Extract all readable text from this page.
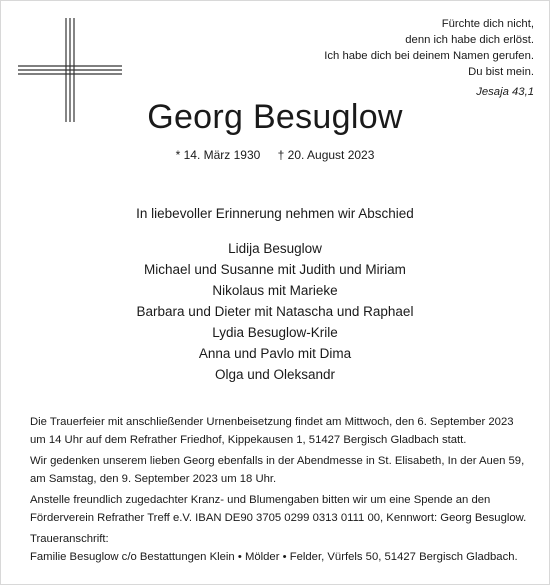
Fürchte dich nicht,
denn ich habe dich erlöst.
Ich habe dich bei deinem Namen gerufen.
Du bist mein.
Jesaja 43,1
Georg Besuglow
* 14. März 1930 † 20. August 2023
In liebevoller Erinnerung nehmen wir Abschied
Lidija Besuglow
Michael und Susanne mit Judith und Miriam
Nikolaus mit Marieke
Barbara und Dieter mit Natascha und Raphael
Lydia Besuglow-Krile
Anna und Pavlo mit Dima
Olga und Oleksandr

Die Trauerfeier mit anschließender Urnenbeisetzung findet am Mittwoch, den 6. September 2023 um 14 Uhr auf dem Refrather Friedhof, Kippekausen 1, 51427 Bergisch Gladbach statt.

Wir gedenken unserem lieben Georg ebenfalls in der Abendmesse in St. Elisabeth, In der Auen 59, am Samstag, den 9. September 2023 um 18 Uhr.

Anstelle freundlich zugedachter Kranz- und Blumengaben bitten wir um eine Spende an den Förderverein Refrather Treff e.V. IBAN DE90 3705 0299 0313 0111 00, Kennwort: Georg Besuglow.

Traueranschrift:

Familie Besuglow c/o Bestattungen Klein • Mölder • Felder, Vürfels 50, 51427 Bergisch Gladbach.
